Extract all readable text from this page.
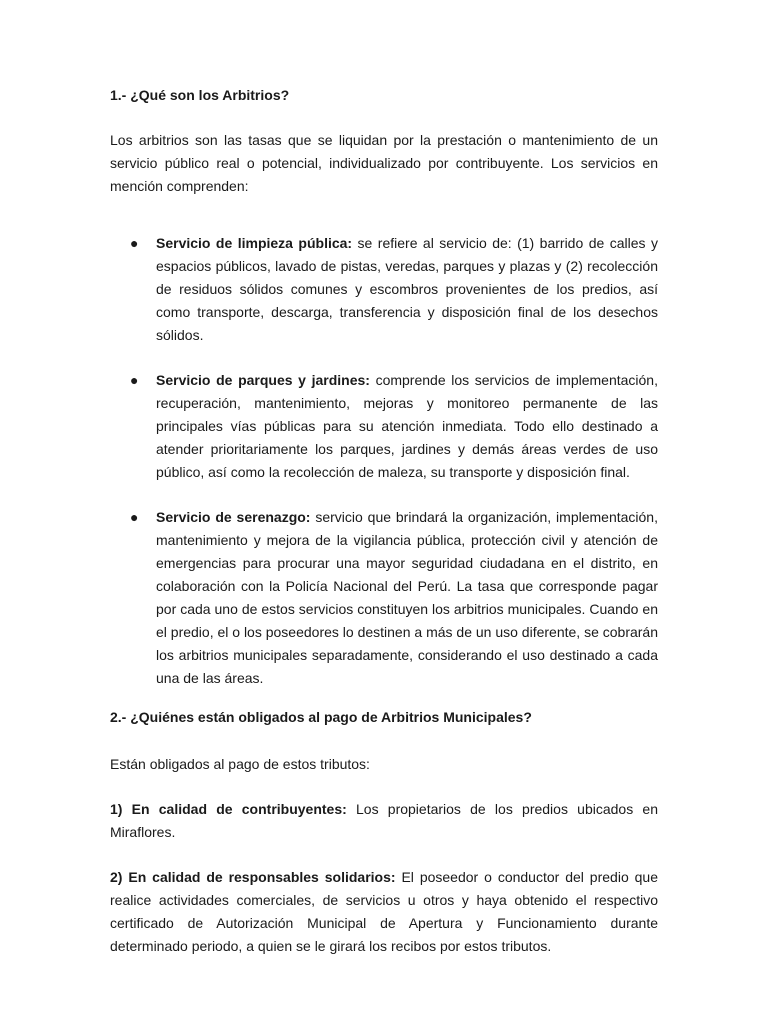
1.- ¿Qué son los Arbitrios?

Los arbitrios son las tasas que se liquidan por la prestación o mantenimiento de un servicio público real o potencial, individualizado por contribuyente. Los servicios en mención comprenden:

● Servicio de limpieza pública: se refiere al servicio de: (1) barrido de calles y espacios públicos, lavado de pistas, veredas, parques y plazas y (2) recolección de residuos sólidos comunes y escombros provenientes de los predios, así como transporte, descarga, transferencia y disposición final de los desechos sólidos.
● Servicio de parques y jardines: comprende los servicios de implementación, recuperación, mantenimiento, mejoras y monitoreo permanente de las principales vías públicas para su atención inmediata. Todo ello destinado a atender prioritariamente los parques, jardines y demás áreas verdes de uso público, así como la recolección de maleza, su transporte y disposición final.
● Servicio de serenazgo: servicio que brindará la organización, implementación, mantenimiento y mejora de la vigilancia pública, protección civil y atención de emergencias para procurar una mayor seguridad ciudadana en el distrito, en colaboración con la Policía Nacional del Perú. La tasa que corresponde pagar por cada uno de estos servicios constituyen los arbitrios municipales. Cuando en el predio, el o los poseedores lo destinen a más de un uso diferente, se cobrarán los arbitrios municipales separadamente, considerando el uso destinado a cada una de las áreas.
2.- ¿Quiénes están obligados al pago de Arbitrios Municipales?

Están obligados al pago de estos tributos:

1) En calidad de contribuyentes: Los propietarios de los predios ubicados en Miraflores.

2) En calidad de responsables solidarios: El poseedor o conductor del predio que realice actividades comerciales, de servicios u otros y haya obtenido el respectivo certificado de Autorización Municipal de Apertura y Funcionamiento durante determinado periodo, a quien se le girará los recibos por estos tributos.
